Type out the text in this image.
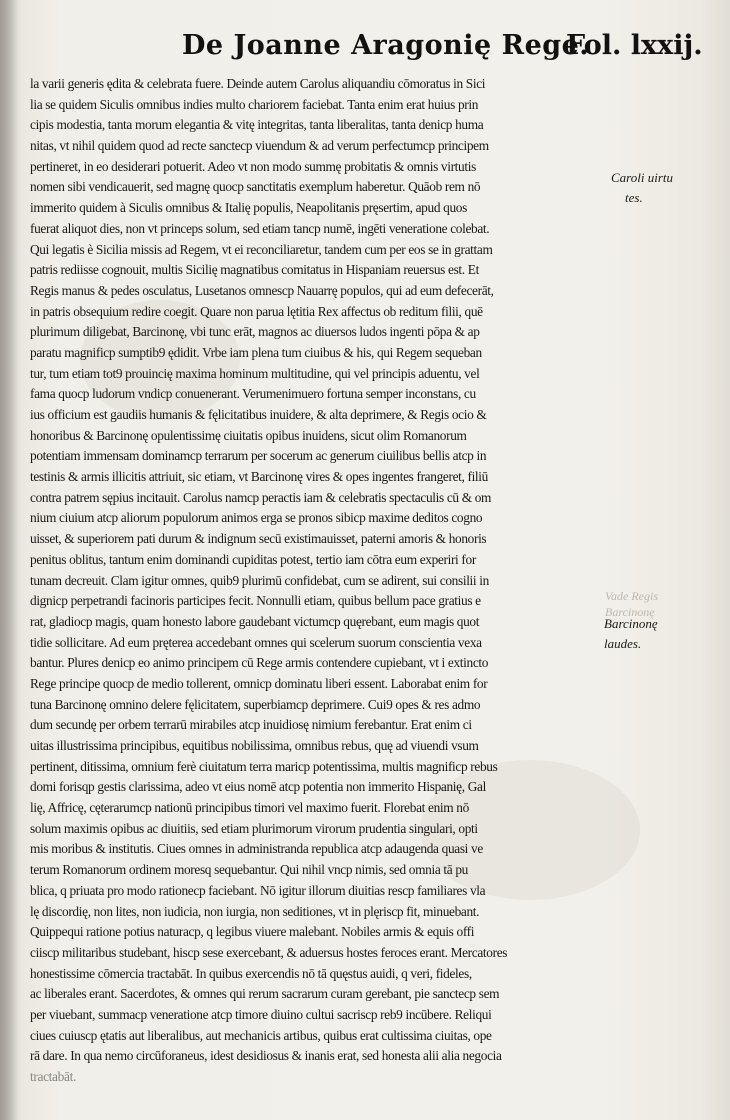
De Joanne Aragonię Rege.
Fol. lxxij.
la varii generis ędita & celebrata fuere. Deinde autem Carolus aliquandiu cōmoratus in Sici
lia se quidem Siculis omnibus indies multo chariorem faciebat. Tanta enim erat huius prin
cipis modestia, tanta morum elegantia & vitę integritas, tanta liberalitas, tanta denicp huma
nitas, vt nihil quidem quod ad recte sanctecp viuendum & ad verum perfectumcp principem
pertineret, in eo desiderari potuerit. Adeo vt non modo summę probitatis & omnis virtutis
nomen sibi vendicauerit, sed magnę quocp sanctitatis exemplum haberetur. Quāob rem nō
immerito quidem à Siculis omnibus & Italię populis, Neapolitanis pręsertim, apud quos
fuerat aliquot dies, non vt princeps solum, sed etiam tancp numē, ingēti veneratione colebat.
Qui legatis è Sicilia missis ad Regem, vt ei reconciliaretur, tandem cum per eos se in grattam
patris rediisse cognouit, multis Sicilię magnatibus comitatus in Hispaniam reuersus est. Et
Regis manus & pedes osculatus, Lusetanos omnescp Nauarrę populos, qui ad eum defecerāt,
in patris obsequium redire coegit. Quare non parua lętitia Rex affectus ob reditum filii, quē
plurimum diligebat, Barcinonę, vbi tunc erāt, magnos ac diuersos ludos ingenti pōpa & ap
paratu magnificp sumptib9 ędidit. Vrbe iam plena tum ciuibus & his, qui Regem sequeban
tur, tum etiam tot9 prouincię maxima hominum multitudine, qui vel principis aduentu, vel
fama quocp ludorum vndicp conuenerant. Verumenimuero fortuna semper inconstans, cu
ius officium est gaudiis humanis & fęlicitatibus inuidere, & alta deprimere, & Regis ocio &
honoribus & Barcinonę opulentissimę ciuitatis opibus inuidens, sicut olim Romanorum
potentiam immensam dominamcp terrarum per socerum ac generum ciuilibus bellis atcp in
testinis & armis illicitis attriuit, sic etiam, vt Barcinonę vires & opes ingentes frangeret, filiū
contra patrem sępius incitauit. Carolus namcp peractis iam & celebratis spectaculis cū & om
nium ciuium atcp aliorum populorum animos erga se pronos sibicp maxime deditos cogno
uisset, & superiorem pati durum & indignum secū existimauisset, paterni amoris & honoris
penitus oblitus, tantum enim dominandi cupiditas potest, tertio iam cōtra eum experiri for
tunam decreuit. Clam igitur omnes, quib9 plurimū confidebat, cum se adirent, sui consilii in
dignicp perpetrandi facinoris participes fecit. Nonnulli etiam, quibus bellum pace gratius e
rat, gladiocp magis, quam honesto labore gaudebant victumcp quęrebant, eum magis quot
tidie sollicitare. Ad eum pręterea accedebant omnes qui scelerum suorum conscientia vexa
bantur. Plures denicp eo animo principem cū Rege armis contendere cupiebant, vt i extincto
Rege principe quocp de medio tollerent, omnicp dominatu liberi essent. Laborabat enim for
tuna Barcinonę omnino delere fęlicitatem, superbiamcp deprimere. Cui9 opes & res admo
dum secundę per orbem terrarū mirabiles atcp inuidiosę nimium ferebantur. Erat enim ci
uitas illustrissima principibus, equitibus nobilissima, omnibus rebus, quę ad viuendi vsum
pertinent, ditissima, omnium ferè ciuitatum terra maricp potentissima, multis magnificp rebus
domi forisqp gestis clarissima, adeo vt eius nomē atcp potentia non immerito Hispanię, Gal
lię, Affricę, cęterarumcp nationū principibus timori vel maximo fuerit. Florebat enim nō
solum maximis opibus ac diuitiis, sed etiam plurimorum virorum prudentia singulari, opti
mis moribus & institutis. Ciues omnes in administranda republica atcp adaugenda quasi ve
terum Romanorum ordinem moresq sequebantur. Qui nihil vncp nimis, sed omnia tā pu
blica, q priuata pro modo rationecp faciebant. Nō igitur illorum diuitias rescp familiares vla
lę discordię, non lites, non iudicia, non iurgia, non seditiones, vt in plęriscp fit, minuebant.
Quippequi ratione potius naturacp, q legibus viuere malebant. Nobiles armis & equis offi
ciiscp militaribus studebant, hiscp sese exercebant, & aduersus hostes feroces erant. Mercatores
honestissime cōmercia tractabāt. In quibus exercendis nō tā quęstus auidi, q veri, fideles,
ac liberales erant. Sacerdotes, & omnes qui rerum sacrarum curam gerebant, pie sanctecp sem
per viuebant, summacp veneratione atcp timore diuino cultui sacriscp reb9 incūbere. Reliqui
ciues cuiuscp ętatis aut liberalibus, aut mechanicis artibus, quibus erat cultissima ciuitas, ope
rā dare. In qua nemo circūforaneus, idest desidiosus & inanis erat, sed honesta alii alia negocia
tractabāt.
Vade Regis
Barcinonę
Caroli uirtu
tes.
Barcinonę
laudes.
